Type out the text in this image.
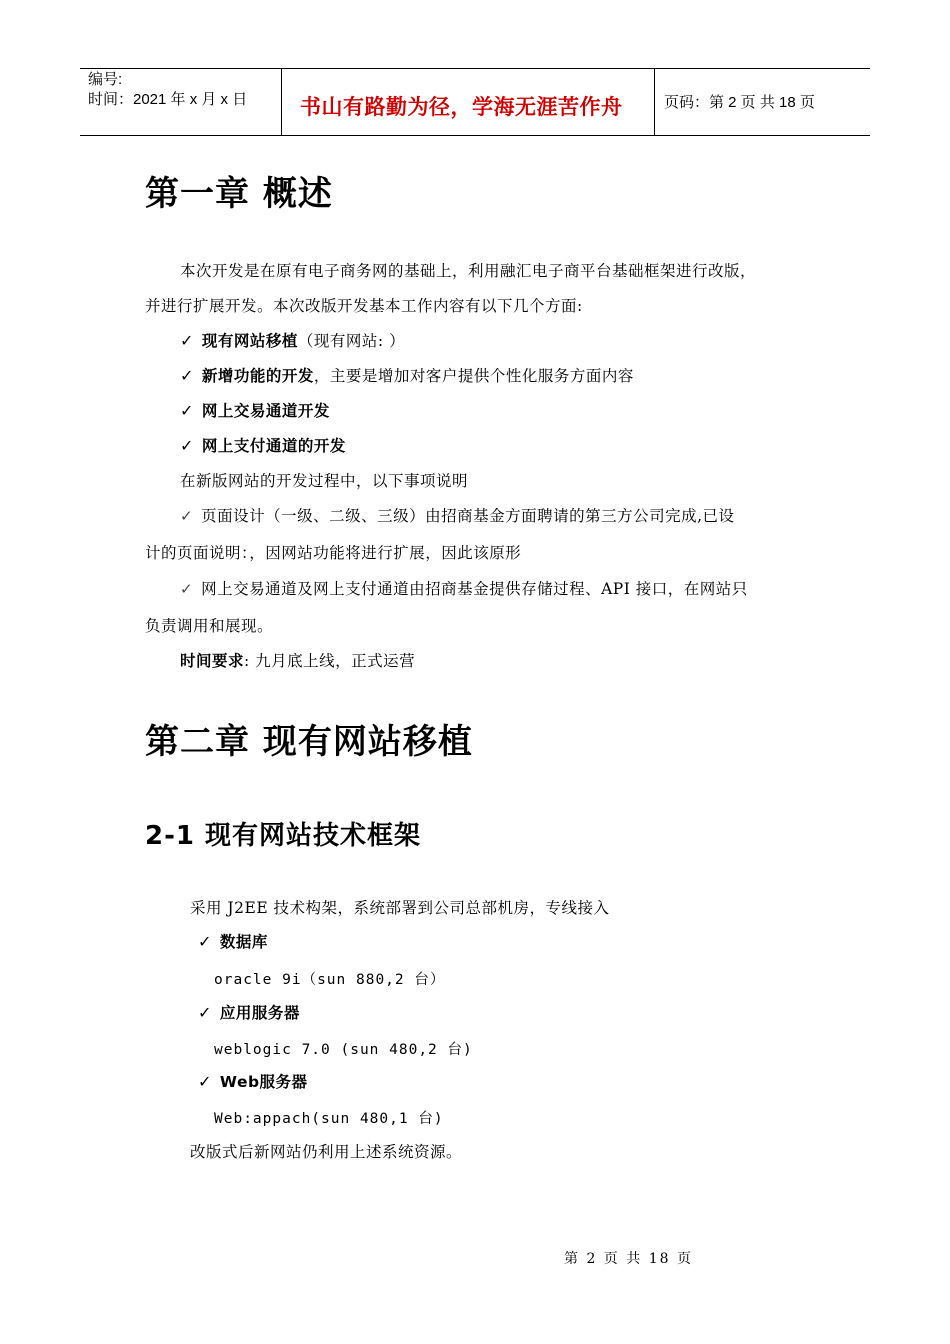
编号:
时间：2021 年 x 月 x 日	书山有路勤为径，学海无涯苦作舟	页码：第 2 页 共 18 页
第一章 概述
本次开发是在原有电子商务网的基础上，利用融汇电子商平台基础框架进行改版，
并进行扩展开发。本次改版开发基本工作内容有以下几个方面:
✓ 现有网站移植（现有网站: ）
✓ 新增功能的开发，主要是增加对客户提供个性化服务方面内容
✓ 网上交易通道开发
✓ 网上支付通道的开发
在新版网站的开发过程中，以下事项说明
✓ 页面设计（一级、二级、三级）由招商基金方面聘请的第三方公司完成,已设
计的页面说明：，因网站功能将进行扩展，因此该原形
✓ 网上交易通道及网上支付通道由招商基金提供存储过程、API 接口，在网站只
负责调用和展现。
时间要求: 九月底上线，正式运营
第二章 现有网站移植
2-1 现有网站技术框架
采用 J2EE 技术构架，系统部署到公司总部机房，专线接入
✓ 数据库
oracle 9i（sun 880,2 台）
✓ 应用服务器
weblogic 7.0 (sun 480,2 台)
✓ Web服务器
Web:appach(sun 480,1 台)
改版式后新网站仍利用上述系统资源。
第 2 页 共 18 页
